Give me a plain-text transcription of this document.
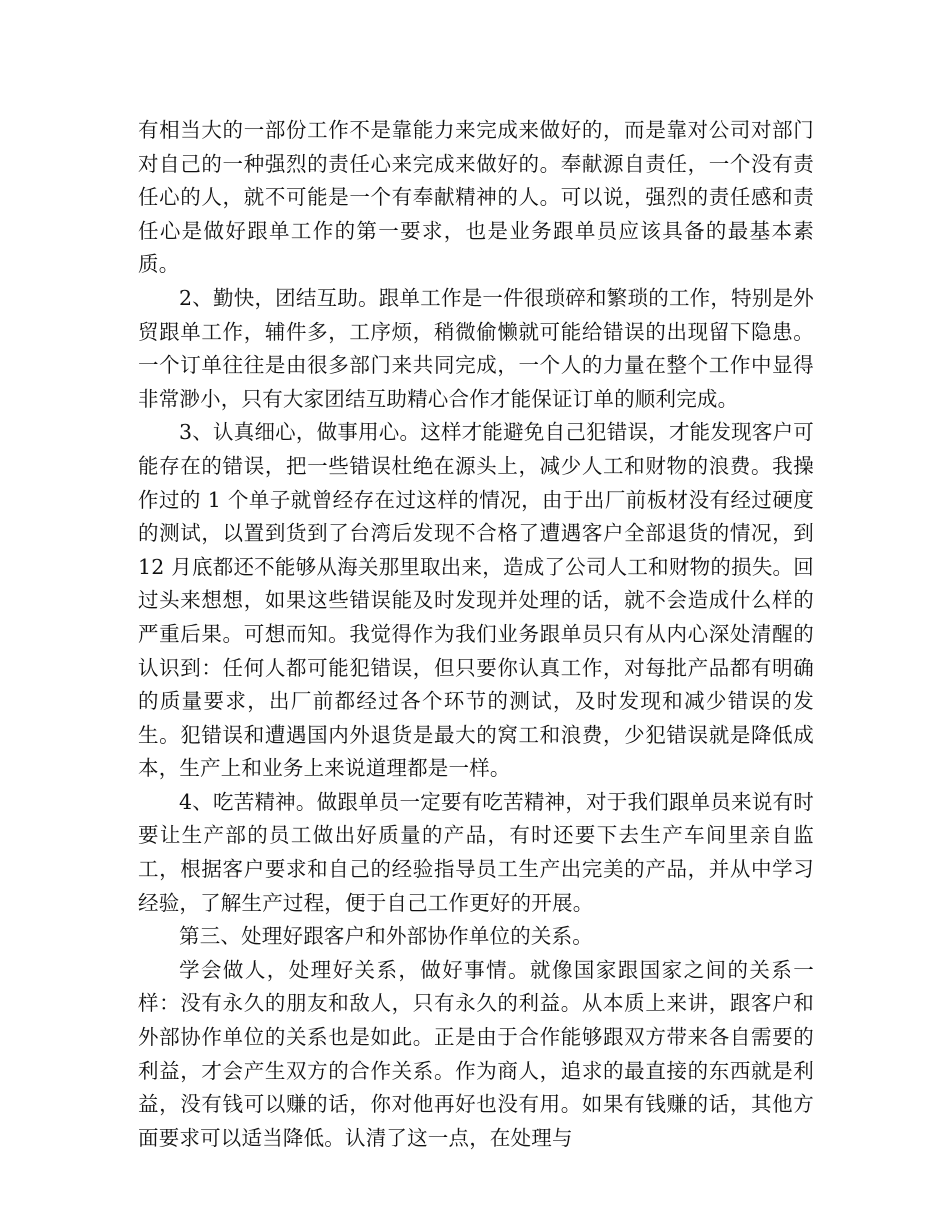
有相当大的一部份工作不是靠能力来完成来做好的，而是靠对公司对部门对自己的一种强烈的责任心来完成来做好的。奉献源自责任，一个没有责任心的人，就不可能是一个有奉献精神的人。可以说，强烈的责任感和责任心是做好跟单工作的第一要求，也是业务跟单员应该具备的最基本素质。

2、勤快，团结互助。跟单工作是一件很琐碎和繁琐的工作，特别是外贸跟单工作，辅件多，工序烦，稍微偷懒就可能给错误的出现留下隐患。一个订单往往是由很多部门来共同完成，一个人的力量在整个工作中显得非常渺小，只有大家团结互助精心合作才能保证订单的顺利完成。

3、认真细心，做事用心。这样才能避免自己犯错误，才能发现客户可能存在的错误，把一些错误杜绝在源头上，减少人工和财物的浪费。我操作过的 1 个单子就曾经存在过这样的情况，由于出厂前板材没有经过硬度的测试，以置到货到了台湾后发现不合格了遭遇客户全部退货的情况，到 12 月底都还不能够从海关那里取出来，造成了公司人工和财物的损失。回过头来想想，如果这些错误能及时发现并处理的话，就不会造成什么样的严重后果。可想而知。我觉得作为我们业务跟单员只有从内心深处清醒的认识到：任何人都可能犯错误，但只要你认真工作，对每批产品都有明确的质量要求，出厂前都经过各个环节的测试，及时发现和减少错误的发生。犯错误和遭遇国内外退货是最大的窝工和浪费，少犯错误就是降低成本，生产上和业务上来说道理都是一样。

4、吃苦精神。做跟单员一定要有吃苦精神，对于我们跟单员来说有时要让生产部的员工做出好质量的产品，有时还要下去生产车间里亲自监工，根据客户要求和自己的经验指导员工生产出完美的产品，并从中学习经验，了解生产过程，便于自己工作更好的开展。

第三、处理好跟客户和外部协作单位的关系。

学会做人，处理好关系，做好事情。就像国家跟国家之间的关系一样：没有永久的朋友和敌人，只有永久的利益。从本质上来讲，跟客户和外部协作单位的关系也是如此。正是由于合作能够跟双方带来各自需要的利益，才会产生双方的合作关系。作为商人，追求的最直接的东西就是利益，没有钱可以赚的话，你对他再好也没有用。如果有钱赚的话，其他方面要求可以适当降低。认清了这一点，在处理与
